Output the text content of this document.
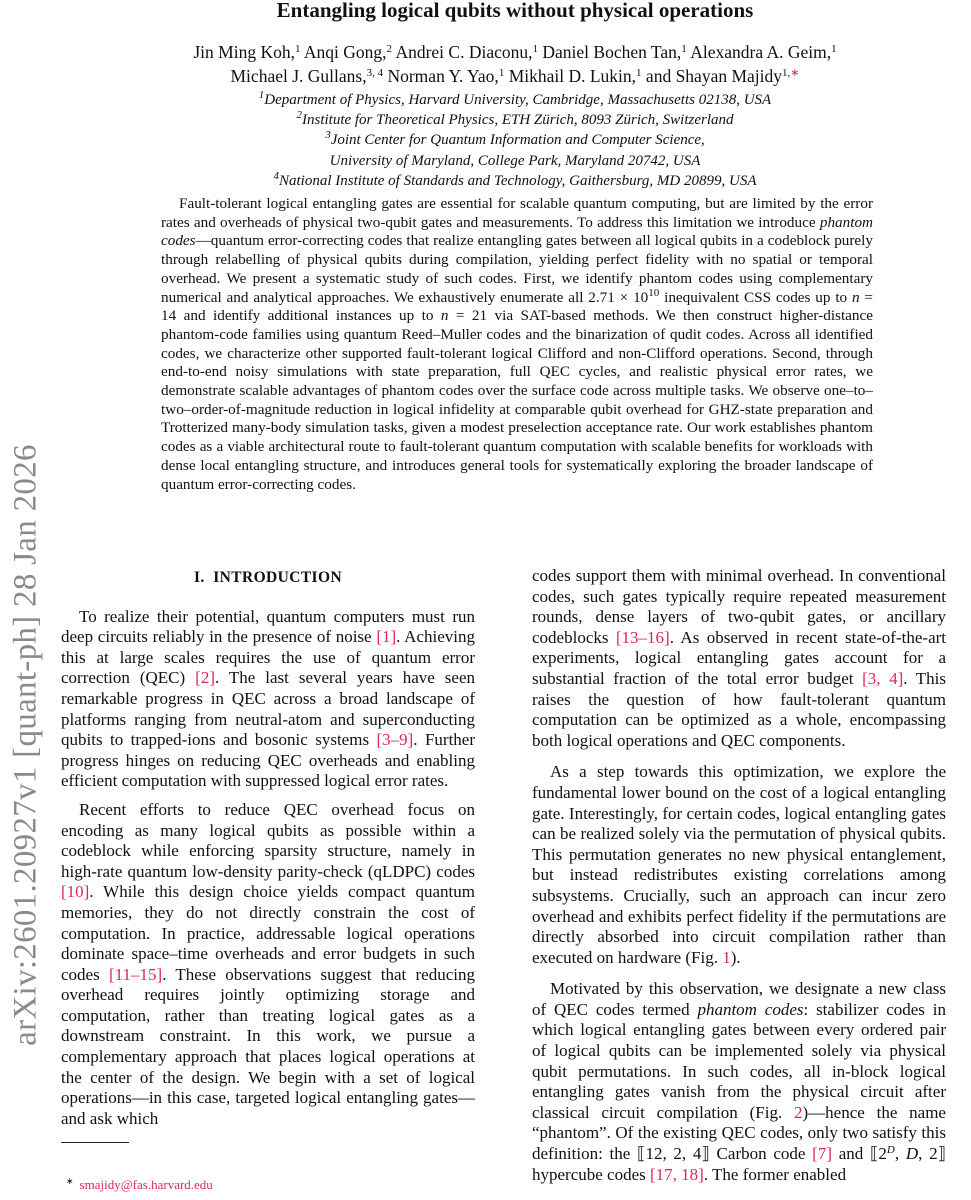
arXiv:2601.20927v1 [quant-ph] 28 Jan 2026
Entangling logical qubits without physical operations
Jin Ming Koh,$^1$ Anqi Gong,$^2$ Andrei C. Diaconu,$^1$ Daniel Bochen Tan,$^1$ Alexandra A. Geim,$^1$
Michael J. Gullans,$^{3, 4}$ Norman Y. Yao,$^1$ Mikhail D. Lukin,$^1$ and Shayan Majidy$^{1,∗}$
$^1$Department of Physics, Harvard University, Cambridge, Massachusetts 02138, USA
$^2$Institute for Theoretical Physics, ETH Zürich, 8093 Zürich, Switzerland
$^3$Joint Center for Quantum Information and Computer Science,
University of Maryland, College Park, Maryland 20742, USA
$^4$National Institute of Standards and Technology, Gaithersburg, MD 20899, USA
Fault-tolerant logical entangling gates are essential for scalable quantum computing, but are limited by the error rates and overheads of physical two-qubit gates and measurements. To address this limitation we introduce phantom codes—quantum error-correcting codes that realize entangling gates between all logical qubits in a codeblock purely through relabelling of physical qubits during compilation, yielding perfect fidelity with no spatial or temporal overhead. We present a systematic study of such codes. First, we identify phantom codes using complementary numerical and analytical approaches. We exhaustively enumerate all $2.71 \times 10^{10}$ inequivalent CSS codes up to n = 14 and identify additional instances up to n = 21 via SAT-based methods. We then construct higher-distance phantom-code families using quantum Reed–Muller codes and the binarization of qudit codes. Across all identified codes, we characterize other supported fault-tolerant logical Clifford and non-Clifford operations. Second, through end-to-end noisy simulations with state preparation, full QEC cycles, and realistic physical error rates, we demonstrate scalable advantages of phantom codes over the surface code across multiple tasks. We observe one–to–two–order-of-magnitude reduction in logical infidelity at comparable qubit overhead for GHZ-state preparation and Trotterized many-body simulation tasks, given a modest preselection acceptance rate. Our work establishes phantom codes as a viable architectural route to fault-tolerant quantum computation with scalable benefits for workloads with dense local entangling structure, and introduces general tools for systematically exploring the broader landscape of quantum error-correcting codes.
I. INTRODUCTION

To realize their potential, quantum computers must run deep circuits reliably in the presence of noise [1]. Achieving this at large scales requires the use of quantum error correction (QEC) [2]. The last several years have seen remarkable progress in QEC across a broad landscape of platforms ranging from neutral-atom and superconducting qubits to trapped-ions and bosonic systems [3–9]. Further progress hinges on reducing QEC overheads and enabling efficient computation with suppressed logical error rates.

Recent efforts to reduce QEC overhead focus on encoding as many logical qubits as possible within a codeblock while enforcing sparsity structure, namely in high-rate quantum low-density parity-check (qLDPC) codes [10]. While this design choice yields compact quantum memories, they do not directly constrain the cost of computation. In practice, addressable logical operations dominate space–time overheads and error budgets in such codes [11–15]. These observations suggest that reducing overhead requires jointly optimizing storage and computation, rather than treating logical gates as a downstream constraint. In this work, we pursue a complementary approach that places logical operations at the center of the design. We begin with a set of logical operations—in this case, targeted logical entangling gates—and ask which

codes support them with minimal overhead. In conventional codes, such gates typically require repeated measurement rounds, dense layers of two-qubit gates, or ancillary codeblocks [13–16]. As observed in recent state-of-the-art experiments, logical entangling gates account for a substantial fraction of the total error budget [3, 4]. This raises the question of how fault-tolerant quantum computation can be optimized as a whole, encompassing both logical operations and QEC components.

As a step towards this optimization, we explore the fundamental lower bound on the cost of a logical entangling gate. Interestingly, for certain codes, logical entangling gates can be realized solely via the permutation of physical qubits. This permutation generates no new physical entanglement, but instead redistributes existing correlations among subsystems. Crucially, such an approach can incur zero overhead and exhibits perfect fidelity if the permutations are directly absorbed into circuit compilation rather than executed on hardware (Fig. 1).

Motivated by this observation, we designate a new class of QEC codes termed phantom codes: stabilizer codes in which logical entangling gates between every ordered pair of logical qubits can be implemented solely via physical qubit permutations. In such codes, all in-block logical entangling gates vanish from the physical circuit after classical circuit compilation (Fig. 2)—hence the name “phantom”. Of the existing QEC codes, only two satisfy this definition: the ⟦12, 2, 4⟧ Carbon code [7] and $⟦2^D$, D, 2⟧ hypercube codes [17, 18]. The former enabled

∗ smajidy@fas.harvard.edu
